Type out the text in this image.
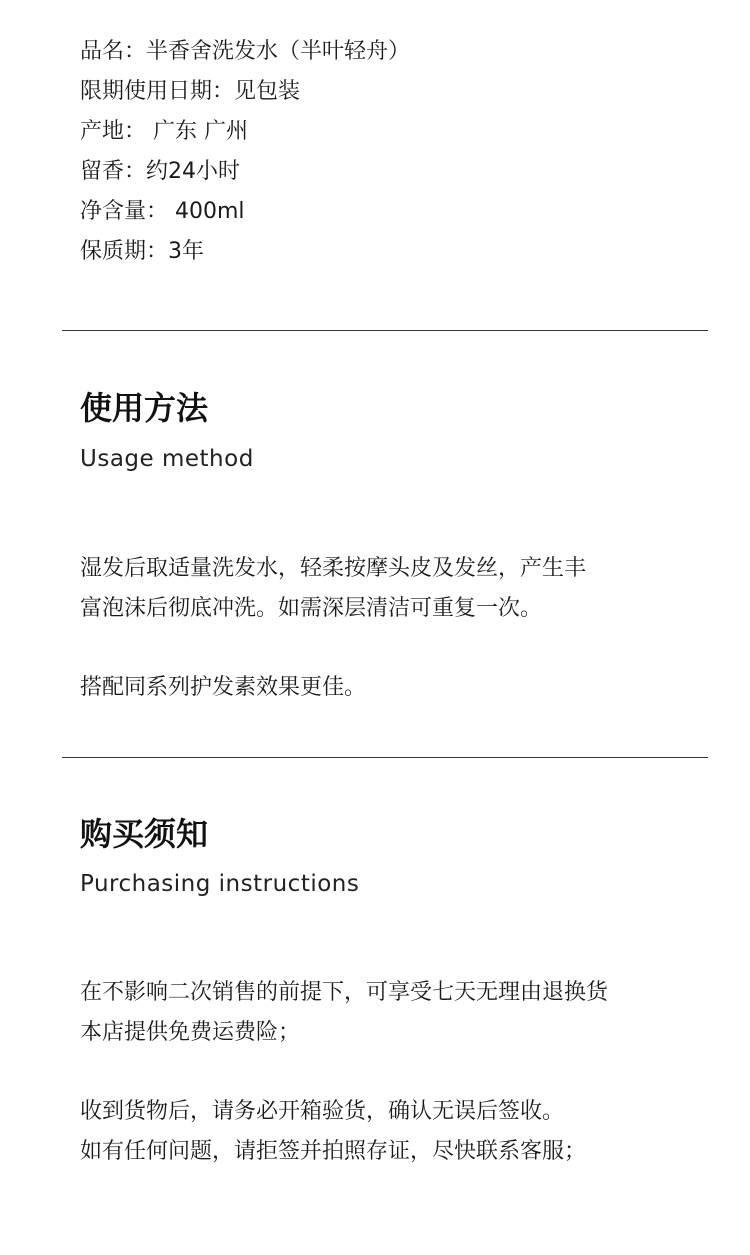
品名：半香舍洗发水（半叶轻舟）
限期使用日期：见包装
产地： 广东 广州
留香：约24小时
净含量： 400ml
保质期：3年
使用方法
Usage method

湿发后取适量洗发水，轻柔按摩头皮及发丝，产生丰
富泡沫后彻底冲洗。如需深层清洁可重复一次。

搭配同系列护发素效果更佳。

购买须知
Purchasing instructions

在不影响二次销售的前提下，可享受七天无理由退换货
本店提供免费运费险；

收到货物后，请务必开箱验货，确认无误后签收。
如有任何问题，请拒签并拍照存证，尽快联系客服；
